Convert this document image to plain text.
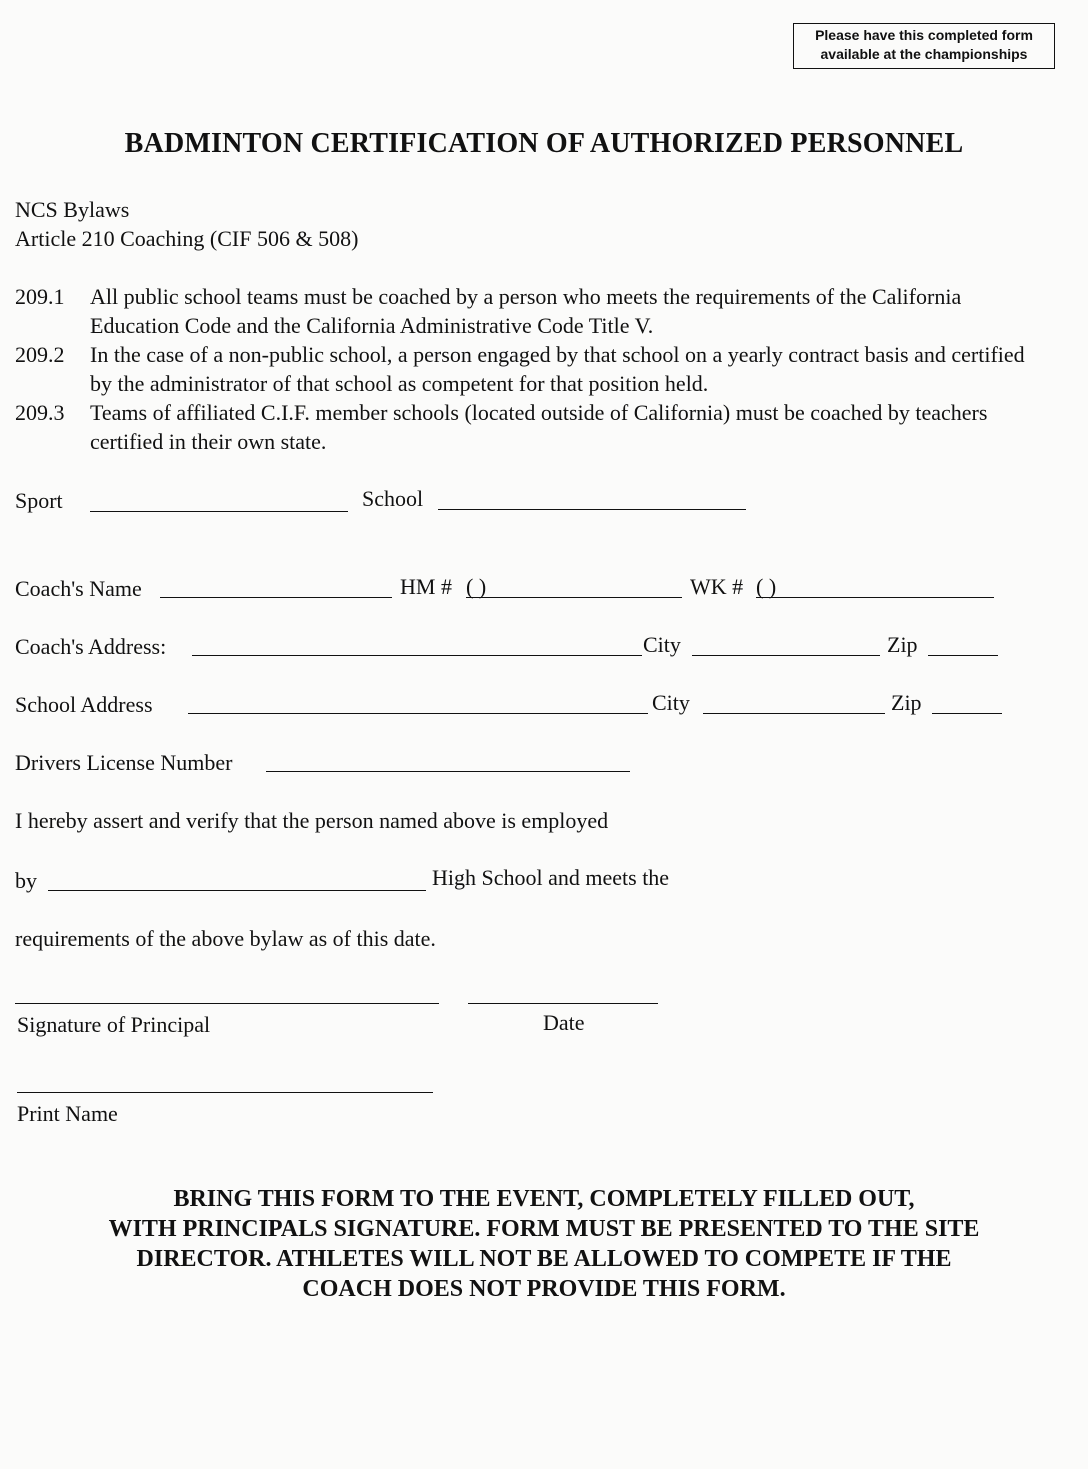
Please have this completed form
available at the championships
BADMINTON CERTIFICATION OF AUTHORIZED PERSONNEL
NCS Bylaws
Article 210 Coaching (CIF 506 & 508)
209.1 All public school teams must be coached by a person who meets the requirements of the California Education Code and the California Administrative Code Title V.
209.2 In the case of a non-public school, a person engaged by that school on a yearly contract basis and certified by the administrator of that school as competent for that position held.
209.3 Teams of affiliated C.I.F. member schools (located outside of California) must be coached by teachers certified in their own state.
Sport	School
Coach's Name	HM # ( )	WK # ( )
Coach's Address:	City	Zip
School Address	City	Zip
Drivers License Number
I hereby assert and verify that the person named above is employed
by	High School and meets the
requirements of the above bylaw as of this date.
Signature of Principal	Date
Print Name
BRING THIS FORM TO THE EVENT, COMPLETELY FILLED OUT,
WITH PRINCIPALS SIGNATURE. FORM MUST BE PRESENTED TO THE SITE
DIRECTOR. ATHLETES WILL NOT BE ALLOWED TO COMPETE IF THE
COACH DOES NOT PROVIDE THIS FORM.
